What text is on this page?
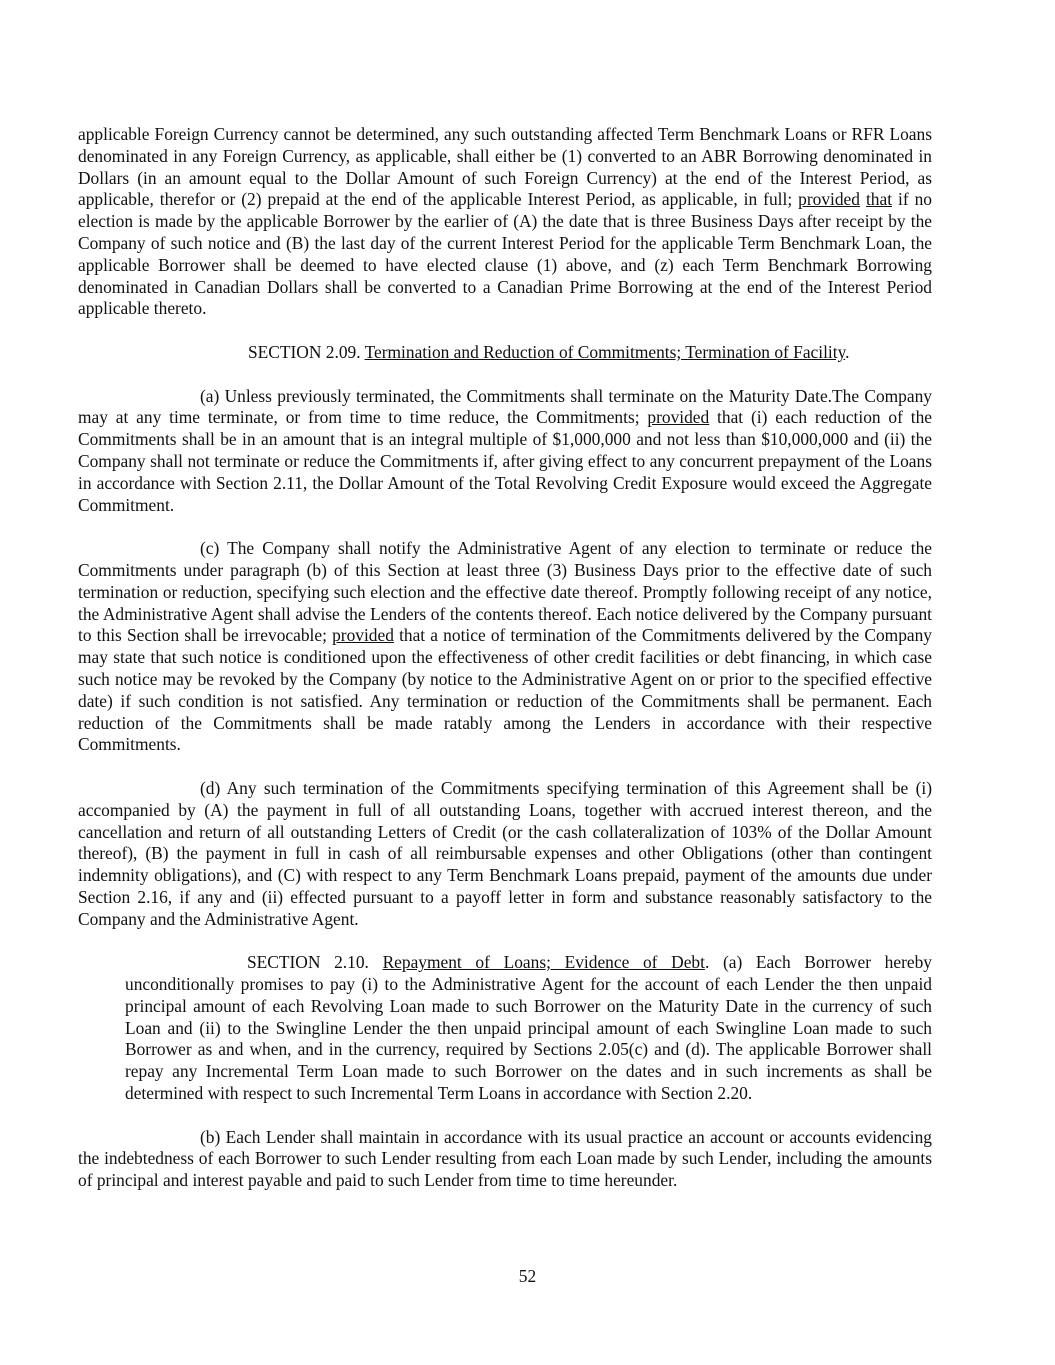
applicable Foreign Currency cannot be determined, any such outstanding affected Term Benchmark Loans or RFR Loans denominated in any Foreign Currency, as applicable, shall either be (1) converted to an ABR Borrowing denominated in Dollars (in an amount equal to the Dollar Amount of such Foreign Currency) at the end of the Interest Period, as applicable, therefor or (2) prepaid at the end of the applicable Interest Period, as applicable, in full; provided that if no election is made by the applicable Borrower by the earlier of (A) the date that is three Business Days after receipt by the Company of such notice and (B) the last day of the current Interest Period for the applicable Term Benchmark Loan, the applicable Borrower shall be deemed to have elected clause (1) above, and (z) each Term Benchmark Borrowing denominated in Canadian Dollars shall be converted to a Canadian Prime Borrowing at the end of the Interest Period applicable thereto.

SECTION 2.09. Termination and Reduction of Commitments; Termination of Facility.

(a) Unless previously terminated, the Commitments shall terminate on the Maturity Date.The Company may at any time terminate, or from time to time reduce, the Commitments; provided that (i) each reduction of the Commitments shall be in an amount that is an integral multiple of $1,000,000 and not less than $10,000,000 and (ii) the Company shall not terminate or reduce the Commitments if, after giving effect to any concurrent prepayment of the Loans in accordance with Section 2.11, the Dollar Amount of the Total Revolving Credit Exposure would exceed the Aggregate Commitment.

(c) The Company shall notify the Administrative Agent of any election to terminate or reduce the Commitments under paragraph (b) of this Section at least three (3) Business Days prior to the effective date of such termination or reduction, specifying such election and the effective date thereof. Promptly following receipt of any notice, the Administrative Agent shall advise the Lenders of the contents thereof. Each notice delivered by the Company pursuant to this Section shall be irrevocable; provided that a notice of termination of the Commitments delivered by the Company may state that such notice is conditioned upon the effectiveness of other credit facilities or debt financing, in which case such notice may be revoked by the Company (by notice to the Administrative Agent on or prior to the specified effective date) if such condition is not satisfied. Any termination or reduction of the Commitments shall be permanent. Each reduction of the Commitments shall be made ratably among the Lenders in accordance with their respective Commitments.

(d) Any such termination of the Commitments specifying termination of this Agreement shall be (i) accompanied by (A) the payment in full of all outstanding Loans, together with accrued interest thereon, and the cancellation and return of all outstanding Letters of Credit (or the cash collateralization of 103% of the Dollar Amount thereof), (B) the payment in full in cash of all reimbursable expenses and other Obligations (other than contingent indemnity obligations), and (C) with respect to any Term Benchmark Loans prepaid, payment of the amounts due under Section 2.16, if any and (ii) effected pursuant to a payoff letter in form and substance reasonably satisfactory to the Company and the Administrative Agent.

SECTION 2.10. Repayment of Loans; Evidence of Debt. (a) Each Borrower hereby unconditionally promises to pay (i) to the Administrative Agent for the account of each Lender the then unpaid principal amount of each Revolving Loan made to such Borrower on the Maturity Date in the currency of such Loan and (ii) to the Swingline Lender the then unpaid principal amount of each Swingline Loan made to such Borrower as and when, and in the currency, required by Sections 2.05(c) and (d). The applicable Borrower shall repay any Incremental Term Loan made to such Borrower on the dates and in such increments as shall be determined with respect to such Incremental Term Loans in accordance with Section 2.20.

(b) Each Lender shall maintain in accordance with its usual practice an account or accounts evidencing the indebtedness of each Borrower to such Lender resulting from each Loan made by such Lender, including the amounts of principal and interest payable and paid to such Lender from time to time hereunder.

52
